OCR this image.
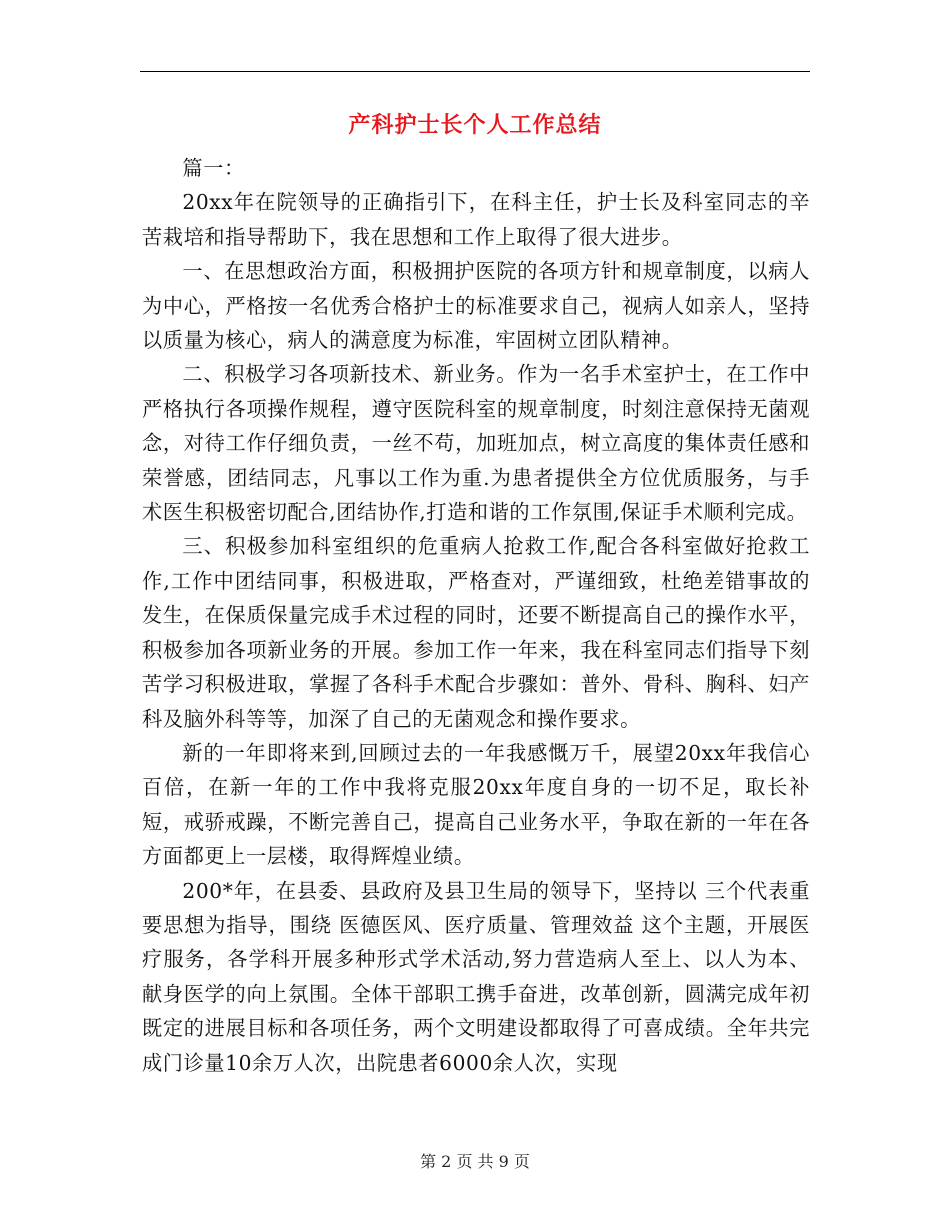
产科护士长个人工作总结

篇一：

20xx年在院领导的正确指引下，在科主任，护士长及科室同志的辛苦栽培和指导帮助下，我在思想和工作上取得了很大进步。

一、在思想政治方面，积极拥护医院的各项方针和规章制度，以病人为中心，严格按一名优秀合格护士的标准要求自己，视病人如亲人，坚持以质量为核心，病人的满意度为标准，牢固树立团队精神。

二、积极学习各项新技术、新业务。作为一名手术室护士，在工作中严格执行各项操作规程，遵守医院科室的规章制度，时刻注意保持无菌观念，对待工作仔细负责，一丝不苟，加班加点，树立高度的集体责任感和荣誉感，团结同志，凡事以工作为重.为患者提供全方位优质服务，与手术医生积极密切配合,团结协作,打造和谐的工作氛围,保证手术顺利完成。

三、积极参加科室组织的危重病人抢救工作,配合各科室做好抢救工作,工作中团结同事，积极进取，严格查对，严谨细致，杜绝差错事故的发生，在保质保量完成手术过程的同时，还要不断提高自己的操作水平，积极参加各项新业务的开展。参加工作一年来，我在科室同志们指导下刻苦学习积极进取，掌握了各科手术配合步骤如：普外、骨科、胸科、妇产科及脑外科等等，加深了自己的无菌观念和操作要求。

新的一年即将来到,回顾过去的一年我感慨万千，展望20xx年我信心百倍，在新一年的工作中我将克服20xx年度自身的一切不足，取长补短，戒骄戒躁，不断完善自己，提高自己业务水平，争取在新的一年在各方面都更上一层楼，取得辉煌业绩。

200*年，在县委、县政府及县卫生局的领导下，坚持以 三个代表重要思想为指导，围绕 医德医风、医疗质量、管理效益 这个主题，开展医疗服务，各学科开展多种形式学术活动,努力营造病人至上、以人为本、献身医学的向上氛围。全体干部职工携手奋进，改革创新，圆满完成年初既定的进展目标和各项任务，两个文明建设都取得了可喜成绩。全年共完成门诊量10余万人次，出院患者6000余人次，实现

第 2 页 共 9 页
